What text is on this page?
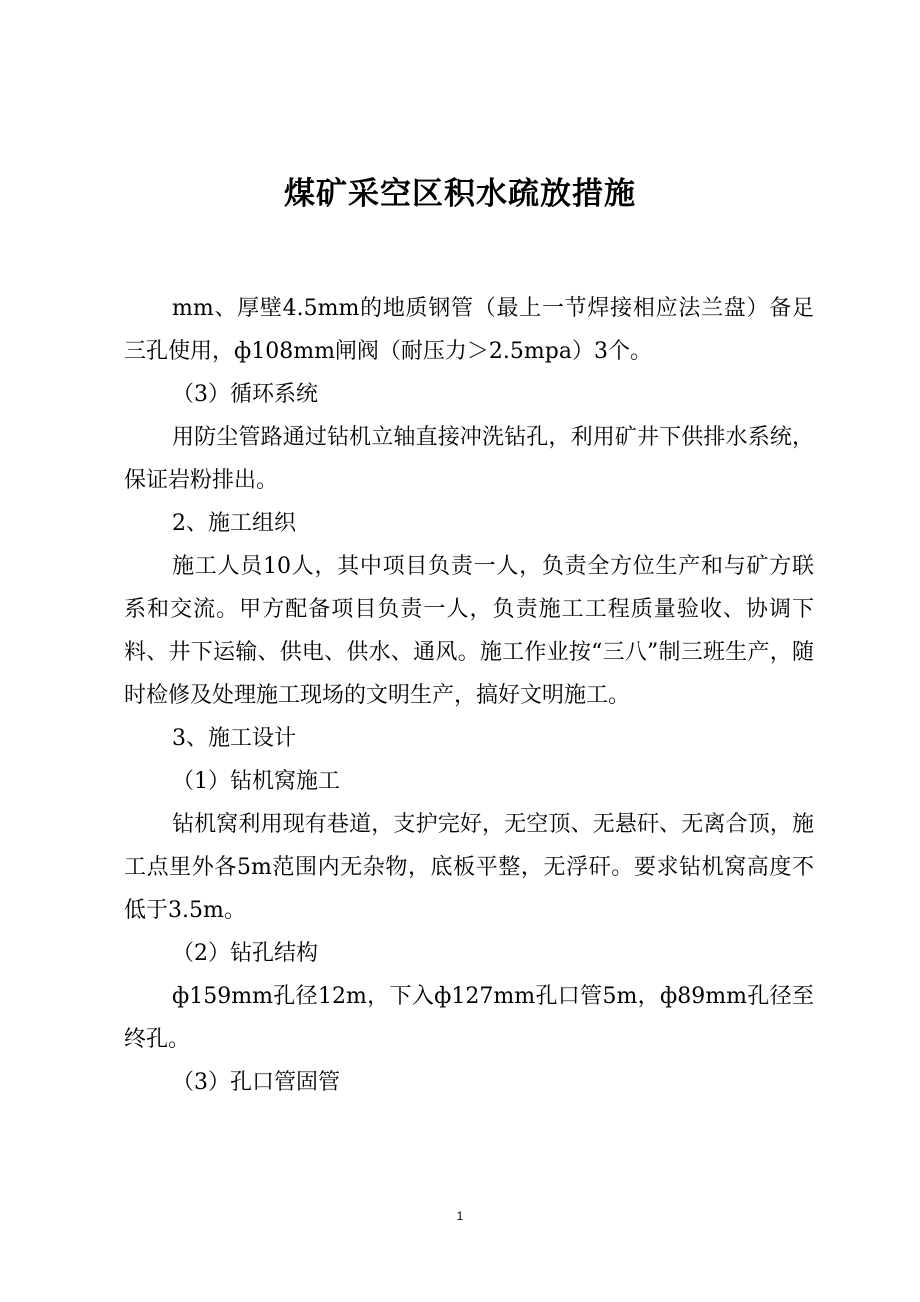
煤矿采空区积水疏放措施

mm、厚壁4.5mm的地质钢管（最上一节焊接相应法兰盘）备足三孔使用，ф108mm闸阀（耐压力＞2.5mpa）3个。

（3）循环系统

用防尘管路通过钻机立轴直接冲洗钻孔，利用矿井下供排水系统，保证岩粉排出。

2、施工组织

施工人员10人，其中项目负责一人，负责全方位生产和与矿方联系和交流。甲方配备项目负责一人，负责施工工程质量验收、协调下料、井下运输、供电、供水、通风。施工作业按“三八”制三班生产，随时检修及处理施工现场的文明生产，搞好文明施工。

3、施工设计

（1）钻机窝施工

钻机窝利用现有巷道，支护完好，无空顶、无悬矸、无离合顶，施工点里外各5m范围内无杂物，底板平整，无浮矸。要求钻机窝高度不低于3.5m。

（2）钻孔结构

ф159mm孔径12m，下入ф127mm孔口管5m，ф89mm孔径至终孔。

（3）孔口管固管

1
